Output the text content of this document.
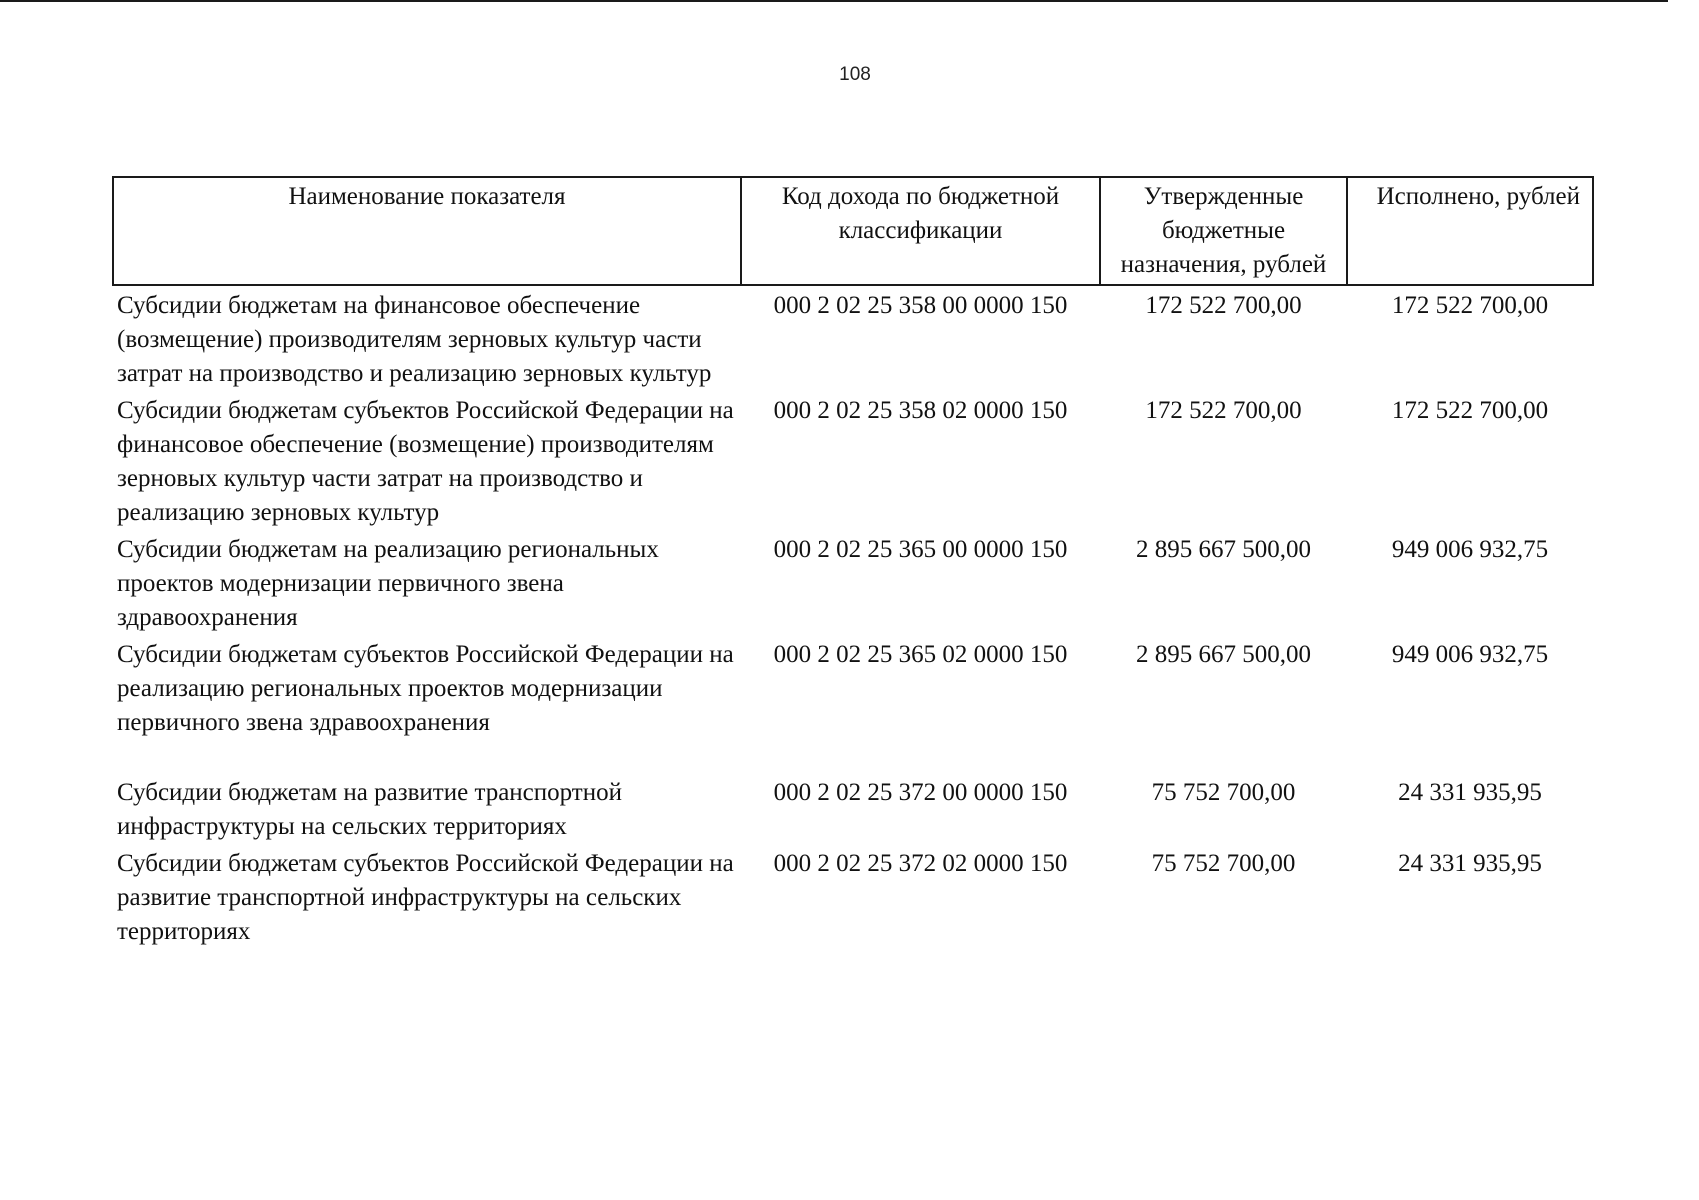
108
Наименование показателя	Код дохода по бюджетной классификации	Утвержденные бюджетные назначения, рублей	Исполнено, рублей
Субсидии бюджетам на финансовое обеспечение (возмещение) производителям зерновых культур части затрат на производство и реализацию зерновых культур	000 2 02 25 358 00 0000 150	172 522 700,00	172 522 700,00
Субсидии бюджетам субъектов Российской Федерации на финансовое обеспечение (возмещение) производителям зерновых культур части затрат на производство и реализацию зерновых культур	000 2 02 25 358 02 0000 150	172 522 700,00	172 522 700,00
Субсидии бюджетам на реализацию региональных проектов модернизации первичного звена здравоохранения	000 2 02 25 365 00 0000 150	2 895 667 500,00	949 006 932,75
Субсидии бюджетам субъектов Российской Федерации на реализацию региональных проектов модернизации первичного звена здравоохранения	000 2 02 25 365 02 0000 150	2 895 667 500,00	949 006 932,75
Субсидии бюджетам на развитие транспортной инфраструктуры на сельских территориях	000 2 02 25 372 00 0000 150	75 752 700,00	24 331 935,95
Субсидии бюджетам субъектов Российской Федерации на развитие транспортной инфраструктуры на сельских территориях	000 2 02 25 372 02 0000 150	75 752 700,00	24 331 935,95
